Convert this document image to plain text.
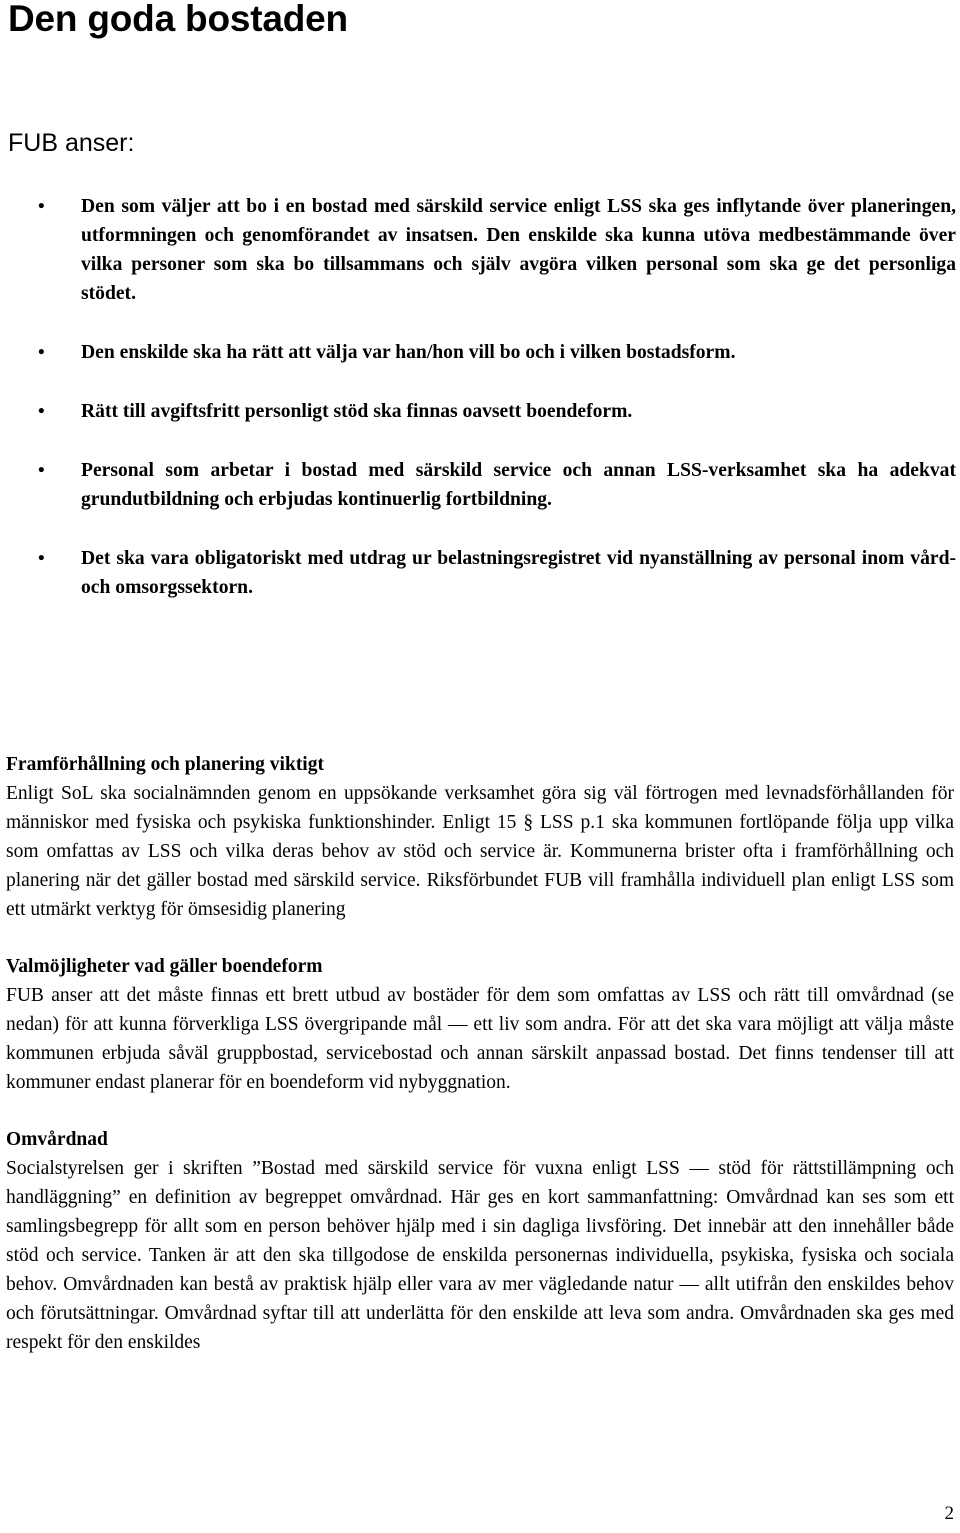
Den goda bostaden
FUB anser:
• Den som väljer att bo i en bostad med särskild service enligt LSS ska ges inflytande över planeringen, utformningen och genomförandet av insatsen. Den enskilde ska kunna utöva medbestämmande över vilka personer som ska bo tillsammans och själv avgöra vilken personal som ska ge det personliga stödet.
• Den enskilde ska ha rätt att välja var han/hon vill bo och i vilken bostadsform.
• Rätt till avgiftsfritt personligt stöd ska finnas oavsett boendeform.
• Personal som arbetar i bostad med särskild service och annan LSS-verksamhet ska ha adekvat grundutbildning och erbjudas kontinuerlig fortbildning.
• Det ska vara obligatoriskt med utdrag ur belastningsregistret vid nyanställning av personal inom vård- och omsorgssektorn.
Framförhållning och planering viktigt

Enligt SoL ska socialnämnden genom en uppsökande verksamhet göra sig väl förtrogen med levnadsförhållanden för människor med fysiska och psykiska funktionshinder. Enligt 15 § LSS p.1 ska kommunen fortlöpande följa upp vilka som omfattas av LSS och vilka deras behov av stöd och service är. Kommunerna brister ofta i framförhållning och planering när det gäller bostad med särskild service. Riksförbundet FUB vill framhålla individuell plan enligt LSS som ett utmärkt verktyg för ömsesidig planering

Valmöjligheter vad gäller boendeform

FUB anser att det måste finnas ett brett utbud av bostäder för dem som omfattas av LSS och rätt till omvårdnad (se nedan) för att kunna förverkliga LSS övergripande mål — ett liv som andra. För att det ska vara möjligt att välja måste kommunen erbjuda såväl gruppbostad, servicebostad och annan särskilt anpassad bostad. Det finns tendenser till att kommuner endast planerar för en boendeform vid nybyggnation.

Omvårdnad

Socialstyrelsen ger i skriften ”Bostad med särskild service för vuxna enligt LSS — stöd för rättstillämpning och handläggning” en definition av begreppet omvårdnad. Här ges en kort sammanfattning: Omvårdnad kan ses som ett samlingsbegrepp för allt som en person behöver hjälp med i sin dagliga livsföring. Det innebär att den innehåller både stöd och service. Tanken är att den ska tillgodose de enskilda personernas individuella, psykiska, fysiska och sociala behov. Omvårdnaden kan bestå av praktisk hjälp eller vara av mer vägledande natur — allt utifrån den enskildes behov och förutsättningar. Omvårdnad syftar till att underlätta för den enskilde att leva som andra. Omvårdnaden ska ges med respekt för den enskildes

2
